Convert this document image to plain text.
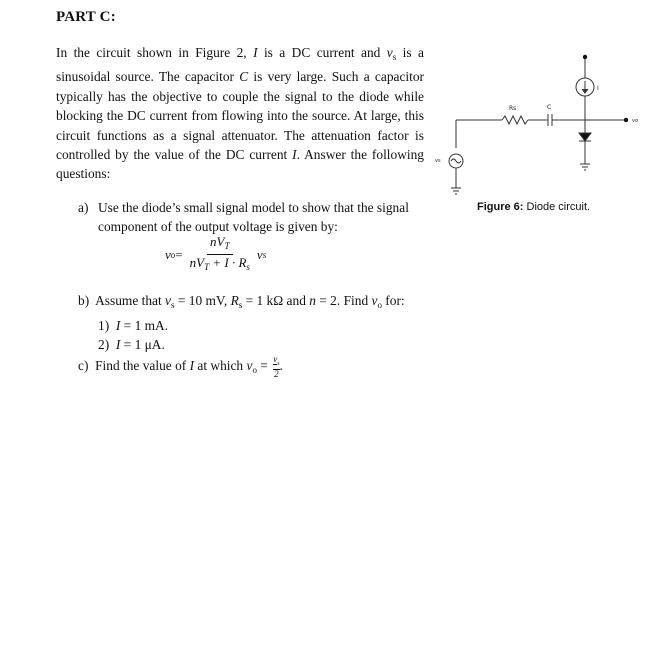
PART C:
In the circuit shown in Figure 2, I is a DC current and $v_s$ is a sinusoidal source. The capacitor C is very large. Such a capacitor typically has the objective to couple the signal to the diode while blocking the DC current from flowing into the source. At large, this circuit functions as a signal attenuator. The attenuation factor is controlled by the value of the DC current I. Answer the following questions:
Rs	C
I
vs
vo
Figure 6: Diode circuit.
a) Use the diode’s small signal model to show that the signal component of the output voltage is given by:
v $o = \frac{nV_T}{nV_T + I \cdot R_s}$ v s
b) Assume that $v_s = 10$ mV, $R_s = 1$ kΩ and n = 2. Find $v_o$ for:
1) I = 1 mA.
2) I = 1 μA.
c) Find the value of I at which $v_o = \frac{v_s}{2}$ .
